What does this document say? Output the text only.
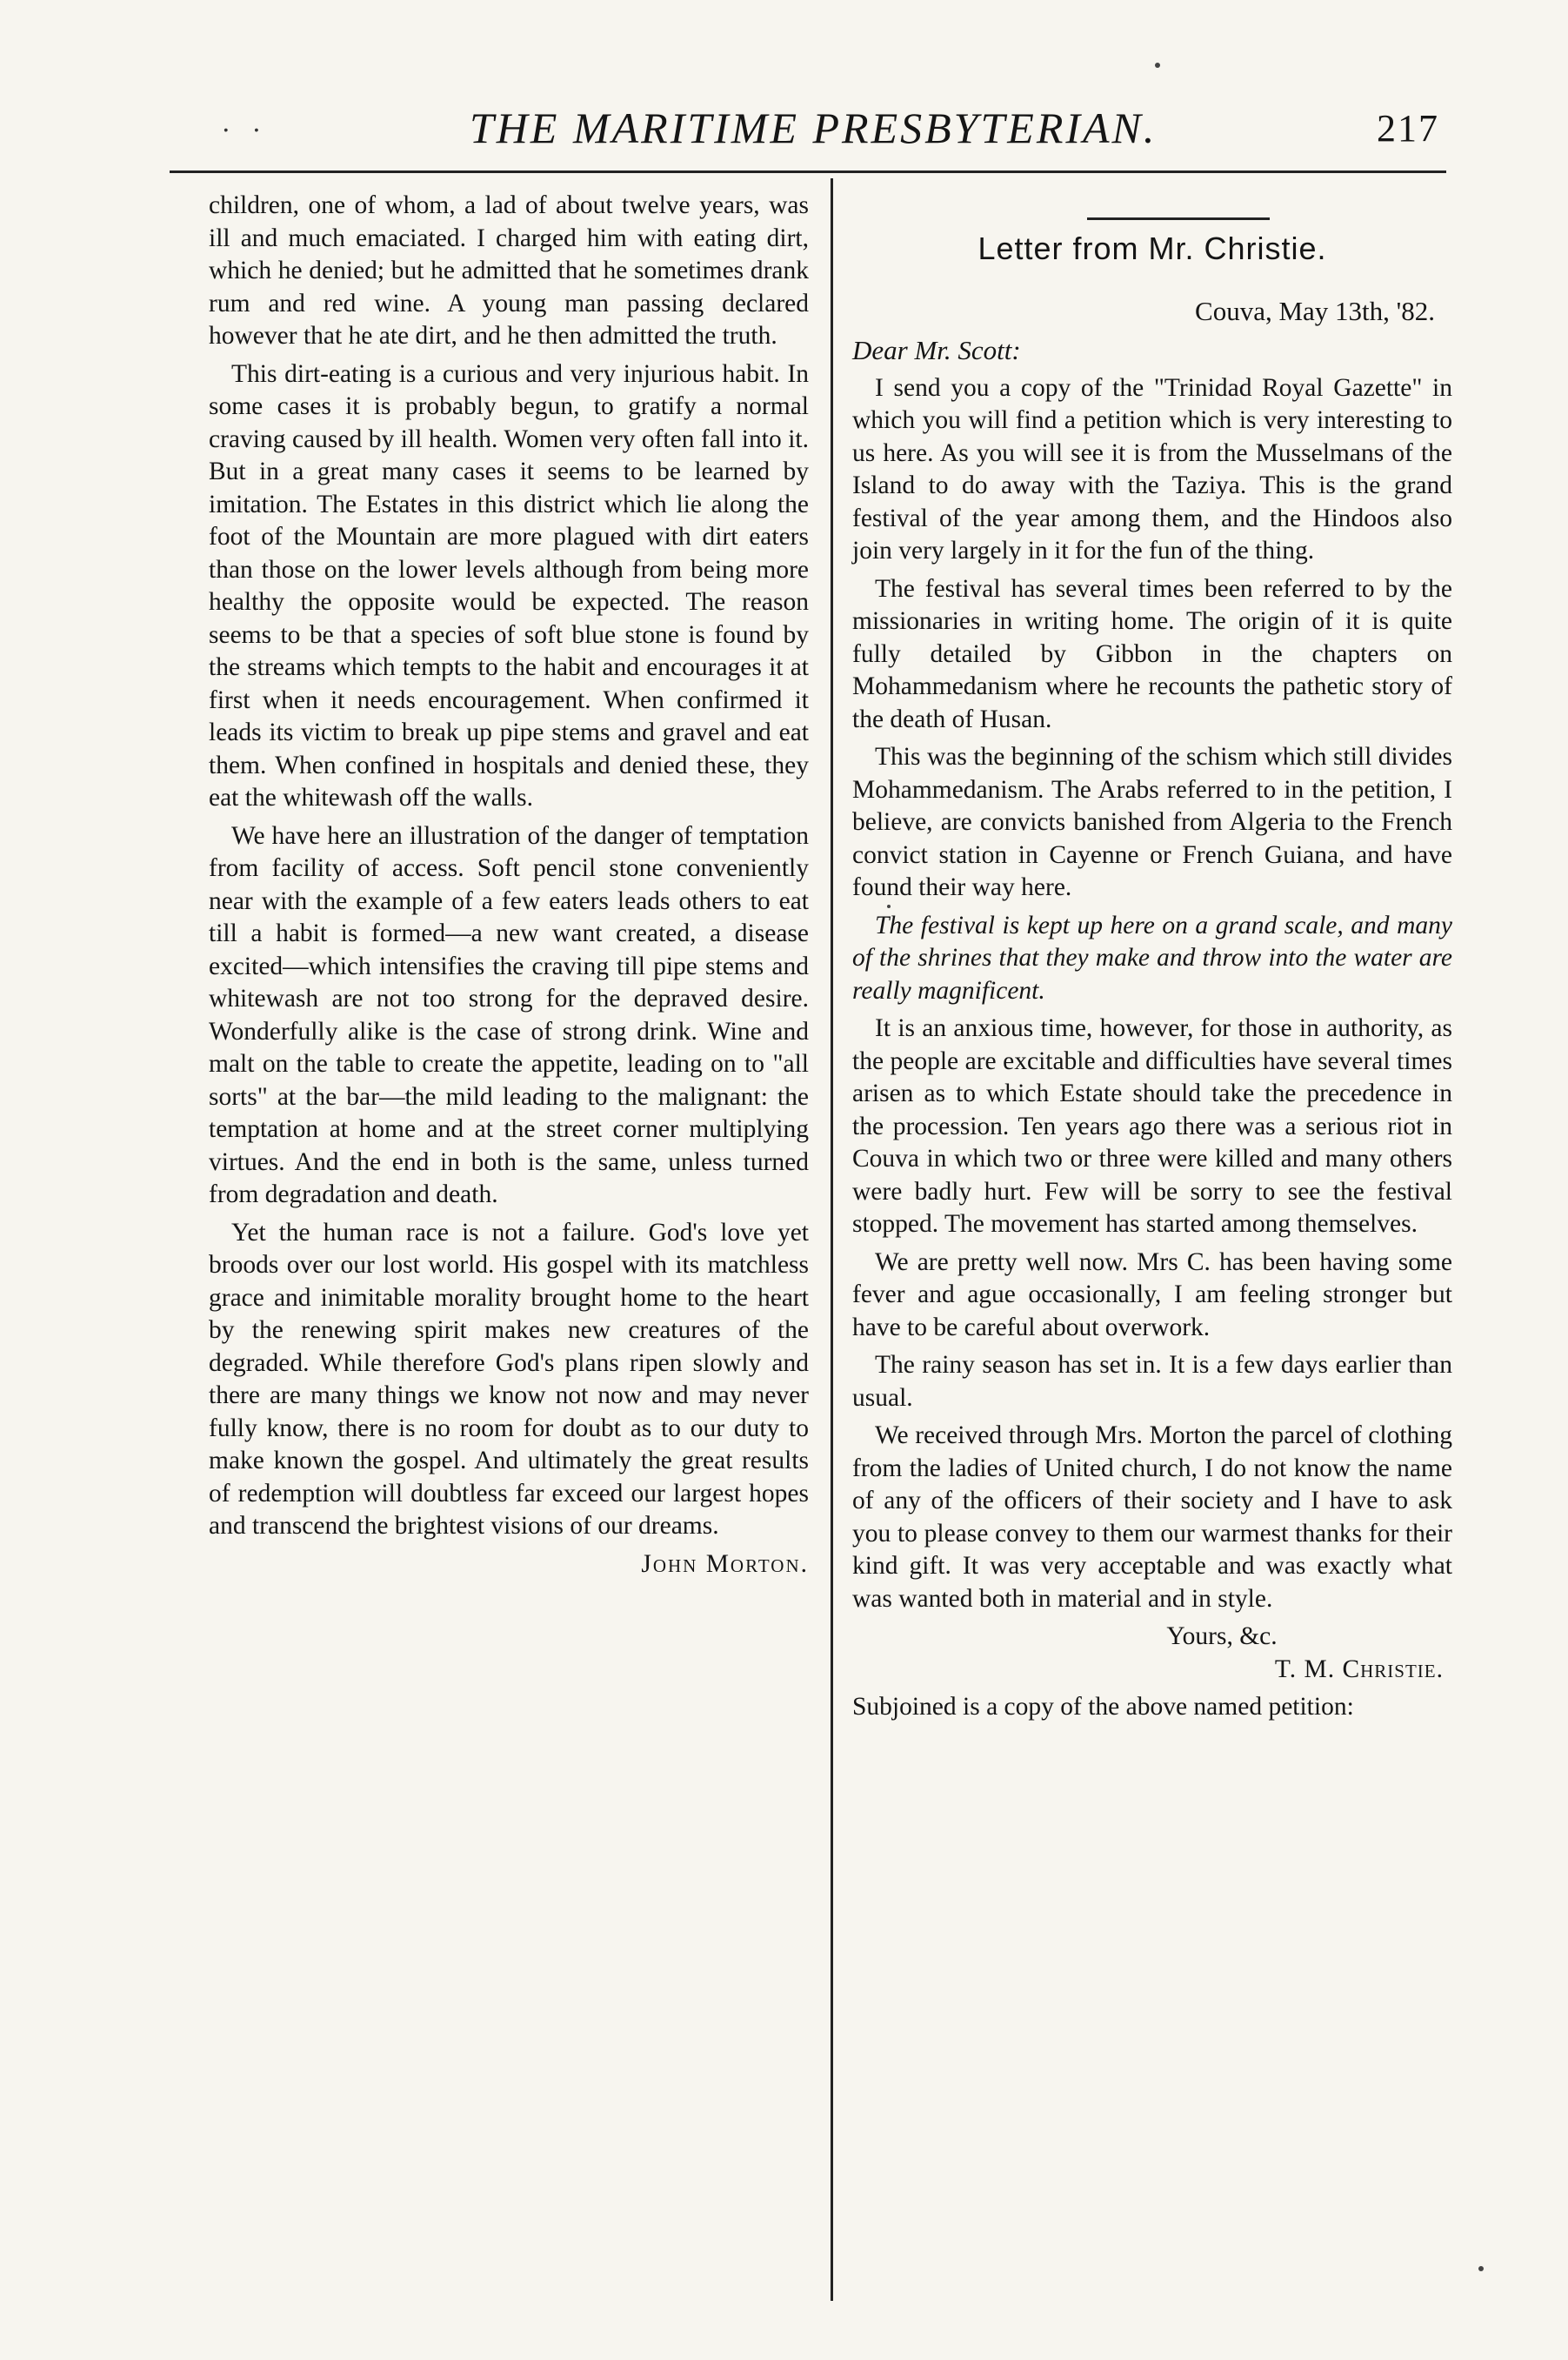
. .	THE MARITIME PRESBYTERIAN.	217

children, one of whom, a lad of about twelve years, was ill and much emaciated. I charged him with eating dirt, which he denied; but he admitted that he sometimes drank rum and red wine. A young man passing declared however that he ate dirt, and he then admitted the truth.

This dirt-eating is a curious and very injurious habit. In some cases it is probably begun, to gratify a normal craving caused by ill health. Women very often fall into it. But in a great many cases it seems to be learned by imitation. The Estates in this district which lie along the foot of the Mountain are more plagued with dirt eaters than those on the lower levels although from being more healthy the opposite would be expected. The reason seems to be that a species of soft blue stone is found by the streams which tempts to the habit and encourages it at first when it needs encouragement. When confirmed it leads its victim to break up pipe stems and gravel and eat them. When confined in hospitals and denied these, they eat the whitewash off the walls.

We have here an illustration of the danger of temptation from facility of access. Soft pencil stone conveniently near with the example of a few eaters leads others to eat till a habit is formed—a new want created, a disease excited—which intensifies the craving till pipe stems and whitewash are not too strong for the depraved desire. Wonderfully alike is the case of strong drink. Wine and malt on the table to create the appetite, leading on to "all sorts" at the bar—the mild leading to the malignant: the temptation at home and at the street corner multiplying virtues. And the end in both is the same, unless turned from degradation and death.

Yet the human race is not a failure. God's love yet broods over our lost world. His gospel with its matchless grace and inimitable morality brought home to the heart by the renewing spirit makes new creatures of the degraded. While therefore God's plans ripen slowly and there are many things we know not now and may never fully know, there is no room for doubt as to our duty to make known the gospel. And ultimately the great results of redemption will doubtless far exceed our largest hopes and transcend the brightest visions of our dreams.

John Morton.
Letter from Mr. Christie.
Couva, May 13th, '82.
Dear Mr. Scott:

I send you a copy of the "Trinidad Royal Gazette" in which you will find a petition which is very interesting to us here. As you will see it is from the Musselmans of the Island to do away with the Taziya. This is the grand festival of the year among them, and the Hindoos also join very largely in it for the fun of the thing.

The festival has several times been referred to by the missionaries in writing home. The origin of it is quite fully detailed by Gibbon in the chapters on Mohammedanism where he recounts the pathetic story of the death of Husan.

This was the beginning of the schism which still divides Mohammedanism. The Arabs referred to in the petition, I believe, are convicts banished from Algeria to the French convict station in Cayenne or French Guiana, and have found their way here.

The festival is kept up here on a grand scale, and many of the shrines that they make and throw into the water are really magnificent.

It is an anxious time, however, for those in authority, as the people are excitable and difficulties have several times arisen as to which Estate should take the precedence in the procession. Ten years ago there was a serious riot in Couva in which two or three were killed and many others were badly hurt. Few will be sorry to see the festival stopped. The movement has started among themselves.

We are pretty well now. Mrs C. has been having some fever and ague occasionally, I am feeling stronger but have to be careful about overwork.

The rainy season has set in. It is a few days earlier than usual.

We received through Mrs. Morton the parcel of clothing from the ladies of United church, I do not know the name of any of the officers of their society and I have to ask you to please convey to them our warmest thanks for their kind gift. It was very acceptable and was exactly what was wanted both in material and in style.

Yours, &c.
T. M. Christie.

Subjoined is a copy of the above named petition:
